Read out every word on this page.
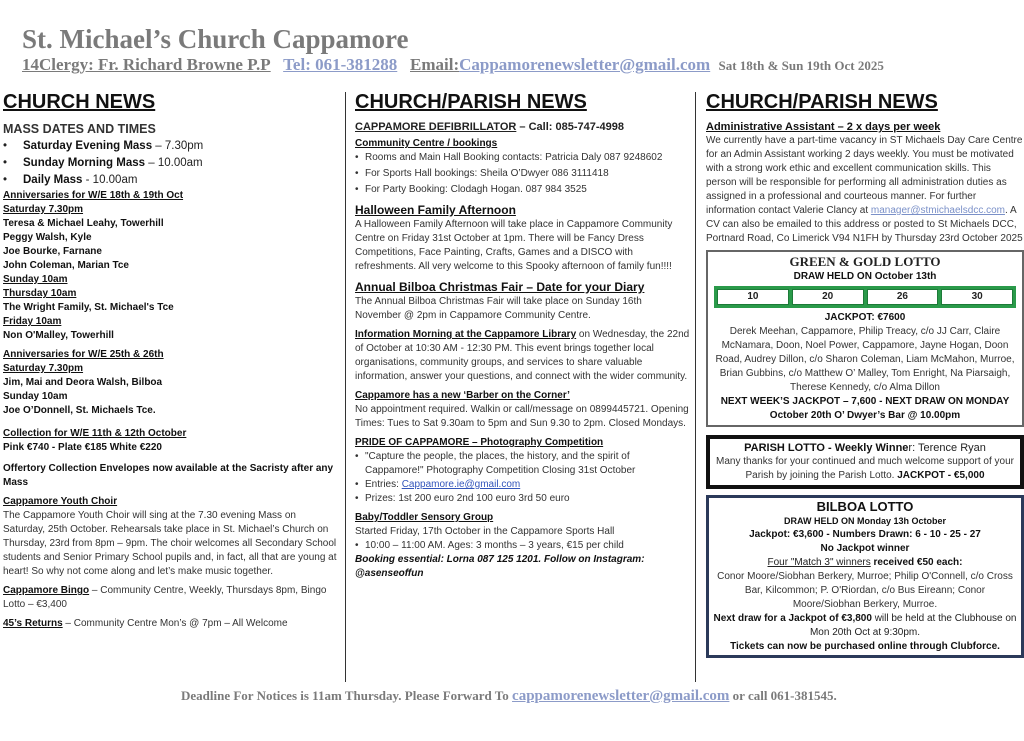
St. Michael’s Church Cappamore
14Clergy: Fr. Richard Browne P.P Tel: 061-381288 Email:Cappamorenewsletter@gmail.com Sat 18th & Sun 19th Oct 2025
CHURCH NEWS
MASS DATES AND TIMES
• Saturday Evening Mass – 7.30pm
• Sunday Morning Mass – 10.00am
• Daily Mass - 10.00am
Anniversaries for W/E 18th & 19th Oct
Saturday 7.30pm
Teresa & Michael Leahy, Towerhill
Peggy Walsh, Kyle
Joe Bourke, Farnane
John Coleman, Marian Tce
Sunday 10am
Thursday 10am
The Wright Family, St. Michael's Tce
Friday 10am
Non O'Malley, Towerhill
Anniversaries for W/E 25th & 26th
Saturday 7.30pm
Jim, Mai and Deora Walsh, Bilboa
Sunday 10am
Joe O’Donnell, St. Michaels Tce.
Collection for W/E 11th & 12th October
Pink €740 - Plate €185 White €220
Offertory Collection Envelopes now available at the Sacristy after any Mass
Cappamore Youth Choir
The Cappamore Youth Choir will sing at the 7.30 evening Mass on Saturday, 25th October. Rehearsals take place in St. Michael’s Church on Thursday, 23rd from 8pm – 9pm. The choir welcomes all Secondary School students and Senior Primary School pupils and, in fact, all that are young at heart! So why not come along and let’s make music together.
Cappamore Bingo – Community Centre, Weekly, Thursdays 8pm, Bingo Lotto – €3,400
45’s Returns – Community Centre Mon’s @ 7pm – All Welcome
CHURCH/PARISH NEWS
CAPPAMORE DEFIBRILLATOR – Call: 085-747-4998
Community Centre / bookings
• Rooms and Main Hall Booking contacts: Patricia Daly 087 9248602
• For Sports Hall bookings: Sheila O’Dwyer 086 3111418
• For Party Booking: Clodagh Hogan. 087 984 3525
Halloween Family Afternoon
A Halloween Family Afternoon will take place in Cappamore Community Centre on Friday 31st October at 1pm. There will be Fancy Dress Competitions, Face Painting, Crafts, Games and a DISCO with refreshments. All very welcome to this Spooky afternoon of family fun!!!!
Annual Bilboa Christmas Fair – Date for your Diary
The Annual Bilboa Christmas Fair will take place on Sunday 16th November @ 2pm in Cappamore Community Centre.
Information Morning at the Cappamore Library on Wednesday, the 22nd of October at 10:30 AM - 12:30 PM. This event brings together local organisations, community groups, and services to share valuable information, answer your questions, and connect with the wider community.
Cappamore has a new ‘Barber on the Corner’
No appointment required. Walkin or call/message on 0899445721. Opening Times: Tues to Sat 9.30am to 5pm and Sun 9.30 to 2pm. Closed Mondays.
PRIDE OF CAPPAMORE – Photography Competition
• "Capture the people, the places, the history, and the spirit of Cappamore!" Photography Competition Closing 31st October
• Entries: Cappamore.ie@gmail.com
• Prizes: 1st 200 euro 2nd 100 euro 3rd 50 euro
Baby/Toddler Sensory Group
Started Friday, 17th October in the Cappamore Sports Hall
• 10:00 – 11:00 AM. Ages: 3 months – 3 years, €15 per child
Booking essential: Lorna 087 125 1201. Follow on Instagram: @asenseoffun
CHURCH/PARISH NEWS
Administrative Assistant – 2 x days per week
We currently have a part-time vacancy in ST Michaels Day Care Centre for an Admin Assistant working 2 days weekly. You must be motivated with a strong work ethic and excellent communication skills. This person will be responsible for performing all administration duties as assigned in a professional and courteous manner. For further information contact Valerie Clancy at manager@stmichaelsdcc.com. A CV can also be emailed to this address or posted to St Michaels DCC, Portnard Road, Co Limerick V94 N1FH by Thursday 23rd October 2025
GREEN & GOLD LOTTO
DRAW HELD ON October 13th
10	20	26	30
JACKPOT: €7600
Derek Meehan, Cappamore, Philip Treacy, c/o JJ Carr, Claire McNamara, Doon, Noel Power, Cappamore, Jayne Hogan, Doon Road, Audrey Dillon, c/o Sharon Coleman, Liam McMahon, Murroe, Brian Gubbins, c/o Matthew O’ Malley, Tom Enright, Na Piarsaigh, Therese Kennedy, c/o Alma Dillon
NEXT WEEK’S JACKPOT – 7,600 - NEXT DRAW ON MONDAY October 20th O’ Dwyer’s Bar @ 10.00pm
PARISH LOTTO - Weekly Winner: Terence Ryan
Many thanks for your continued and much welcome support of your Parish by joining the Parish Lotto. JACKPOT - €5,000
BILBOA LOTTO
DRAW HELD ON Monday 13h October
Jackpot: €3,600 - Numbers Drawn: 6 - 10 - 25 - 27
No Jackpot winner
Four "Match 3" winners received €50 each:
Conor Moore/Siobhan Berkery, Murroe; Philip O'Connell, c/o Cross Bar, Kilcommon; P. O'Riordan, c/o Bus Eireann; Conor Moore/Siobhan Berkery, Murroe.
Next draw for a Jackpot of €3,800 will be held at the Clubhouse on Mon 20th Oct at 9:30pm.
Tickets can now be purchased online through Clubforce.
Deadline For Notices is 11am Thursday. Please Forward To cappamorenewsletter@gmail.com or call 061-381545.
